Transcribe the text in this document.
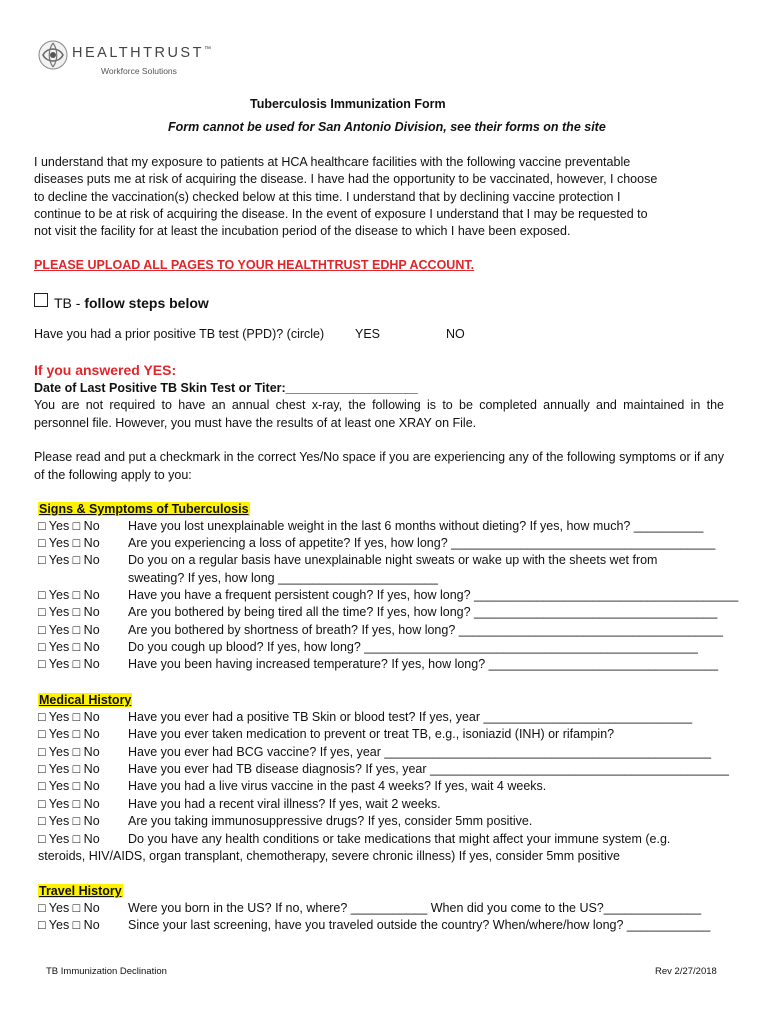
HEALTHTRUST™
Workforce Solutions
Tuberculosis Immunization Form
Form cannot be used for San Antonio Division, see their forms on the site
I understand that my exposure to patients at HCA healthcare facilities with the following vaccine preventable
diseases puts me at risk of acquiring the disease. I have had the opportunity to be vaccinated, however, I choose
to decline the vaccination(s) checked below at this time. I understand that by declining vaccine protection I
continue to be at risk of acquiring the disease. In the event of exposure I understand that I may be requested to
not visit the facility for at least the incubation period of the disease to which I have been exposed.
PLEASE UPLOAD ALL PAGES TO YOUR HEALTHTRUST EDHP ACCOUNT.
TB - follow steps below
Have you had a prior positive TB test (PPD)? (circle) YES	NO
If you answered YES:
Date of Last Positive TB Skin Test or Titer:___________________
You are not required to have an annual chest x-ray, the following is to be completed annually and maintained in the personnel file. However, you must have the results of at least one XRAY on File.
Please read and put a checkmark in the correct Yes/No space if you are experiencing any of the following symptoms or if any of the following apply to you:
Signs & Symptoms of Tuberculosis
□ Yes □ No Have you lost unexplainable weight in the last 6 months without dieting? If yes, how much? __________
□ Yes □ No Are you experiencing a loss of appetite? If yes, how long? ______________________________________
□ Yes □ No Do you on a regular basis have unexplainable night sweats or wake up with the sheets wet from
sweating? If yes, how long _______________________
□ Yes □ No Have you have a frequent persistent cough? If yes, how long? ______________________________________
□ Yes □ No Are you bothered by being tired all the time? If yes, how long? ___________________________________
□ Yes □ No Are you bothered by shortness of breath? If yes, how long? ______________________________________
□ Yes □ No Do you cough up blood? If yes, how long? ________________________________________________
□ Yes □ No Have you been having increased temperature? If yes, how long? _________________________________
Medical History
□ Yes □ No Have you ever had a positive TB Skin or blood test? If yes, year ______________________________
□ Yes □ No Have you ever taken medication to prevent or treat TB, e.g., isoniazid (INH) or rifampin?
□ Yes □ No Have you ever had BCG vaccine? If yes, year _______________________________________________
□ Yes □ No Have you ever had TB disease diagnosis? If yes, year ___________________________________________
□ Yes □ No Have you had a live virus vaccine in the past 4 weeks? If yes, wait 4 weeks.
□ Yes □ No Have you had a recent viral illness? If yes, wait 2 weeks.
□ Yes □ No Are you taking immunosuppressive drugs? If yes, consider 5mm positive.
□ Yes □ No Do you have any health conditions or take medications that might affect your immune system (e.g.
steroids, HIV/AIDS, organ transplant, chemotherapy, severe chronic illness) If yes, consider 5mm positive
Travel History
□ Yes □ No Were you born in the US? If no, where? ___________ When did you come to the US?______________
□ Yes □ No Since your last screening, have you traveled outside the country? When/where/how long? ____________
TB Immunization Declination	Rev 2/27/2018
